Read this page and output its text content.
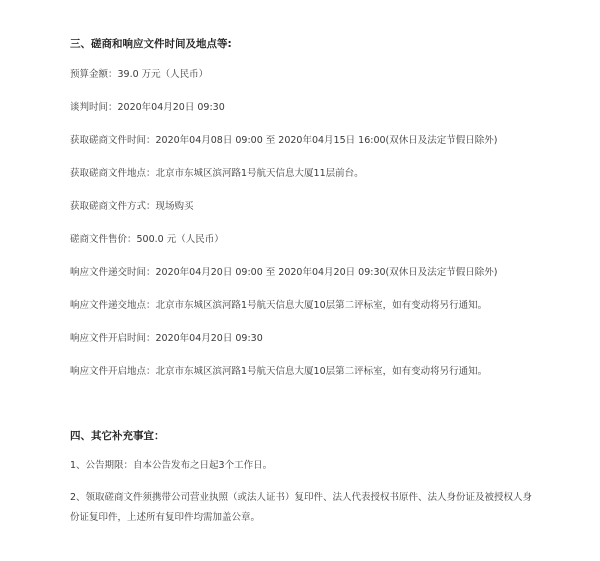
三、磋商和响应文件时间及地点等:
预算金额：39.0 万元（人民币）
谈判时间：2020年04月20日 09:30
获取磋商文件时间：2020年04月08日 09:00 至 2020年04月15日 16:00(双休日及法定节假日除外)
获取磋商文件地点：北京市东城区滨河路1号航天信息大厦11层前台。
获取磋商文件方式：现场购买
磋商文件售价：500.0 元（人民币）
响应文件递交时间：2020年04月20日 09:00 至 2020年04月20日 09:30(双休日及法定节假日除外)
响应文件递交地点：北京市东城区滨河路1号航天信息大厦10层第二评标室，如有变动将另行通知。
响应文件开启时间：2020年04月20日 09:30
响应文件开启地点：北京市东城区滨河路1号航天信息大厦10层第二评标室，如有变动将另行通知。
四、其它补充事宜：
1、公告期限：自本公告发布之日起3个工作日。
2、领取磋商文件须携带公司营业执照（或法人证书）复印件、法人代表授权书原件、法人身份证及被授权人身份证复印件，上述所有复印件均需加盖公章。
